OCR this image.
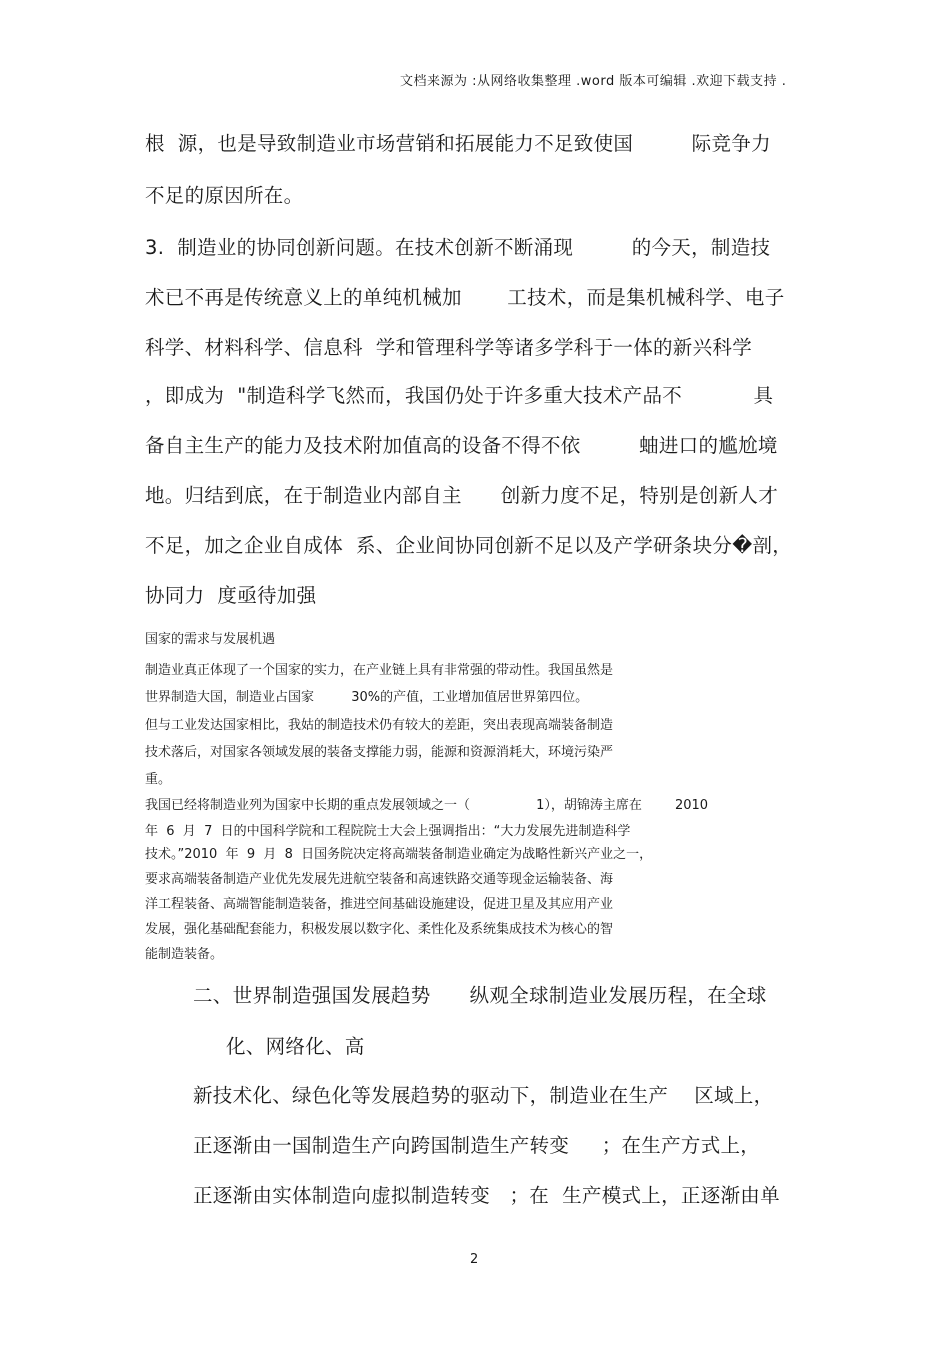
文档来源为 :从网络收集整理 .word 版本可编辑 .欢迎下载支持 .
根  源，也是导致制造业市场营销和拓展能力不足致使国         际竞争力
不足的原因所在。
3.  制造业的协同创新问题。在技术创新不断涌现         的今天，制造技
术已不再是传统意义上的单纯机械加       工技术，而是集机械科学、电子
科学、材料科学、信息科  学和管理科学等诸多学科于一体的新兴科学
，即成为  "制造科学飞然而，我国仍处于许多重大技术产品不           具
备自主生产的能力及技术附加值高的设备不得不依         蚰进口的尴尬境
地。归结到底，在于制造业内部自主      创新力度不足，特别是创新人才
不足，加之企业自成体  系、企业间协同创新不足以及产学研条块分�剖，
协同力  度亟待加强
国家的需求与发展机遇
制造业真正体现了一个国家的实力，在产业链上具有非常强的带动性。我国虽然是
世界制造大国，制造业占国家         30%的产值，工业增加值居世界第四位。
但与工业发达国家相比，我姑的制造技术仍有较大的差距，突出表现高端装备制造
技术落后，对国家各领域发展的装备支撑能力弱，能源和资源消耗大，环境污染严
重。
我国已经将制造业列为国家中长期的重点发展领域之一（                1），胡锦涛主席在        2010
年  6  月  7  日的中国科学院和工程院院士大会上强调指出：“大力发展先进制造科学
技术。”2010  年  9  月  8  日国务院决定将高端装备制造业确定为战略性新兴产业之一，
要求高端装备制造产业优先发展先进航空装备和高速铁路交通等现金运输装备、海
洋工程装备、高端智能制造装备，推进空间基础设施建设，促进卫星及其应用产业
发展，强化基础配套能力，积极发展以数字化、柔性化及系统集成技术为核心的智
能制造装备。
二、世界制造强国发展趋势      纵观全球制造业发展历程，在全球
化、网络化、高
新技术化、绿色化等发展趋势的驱动下，制造业在生产    区域上，
正逐渐由一国制造生产向跨国制造生产转变     ；在生产方式上，
正逐渐由实体制造向虚拟制造转变   ；在  生产模式上，正逐渐由单
2
